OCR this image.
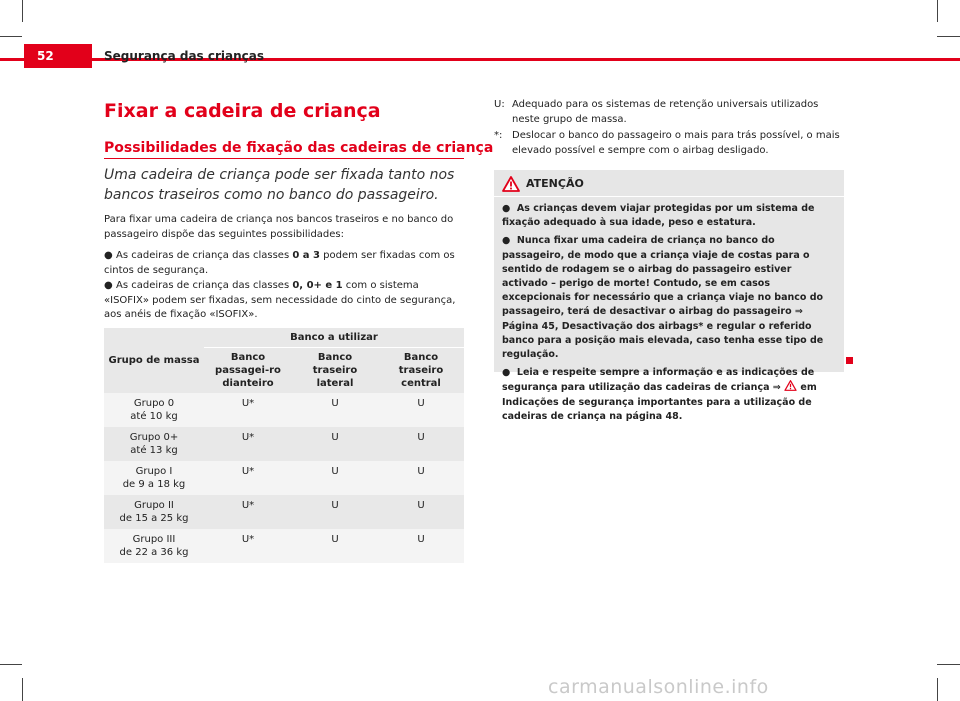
52	Segurança das crianças
Fixar a cadeira de criança
Possibilidades de fixação das cadeiras de criança
Uma cadeira de criança pode ser fixada tanto nos bancos traseiros como no banco do passageiro.
Para fixar uma cadeira de criança nos bancos traseiros e no banco do passageiro dispõe das seguintes possibilidades:
● As cadeiras de criança das classes 0 a 3 podem ser fixadas com os cintos de segurança.
● As cadeiras de criança das classes 0, 0+ e 1 com o sistema «ISOFIX» podem ser fixadas, sem necessidade do cinto de segurança, aos anéis de fixação «ISOFIX».
Grupo de massa	Banco a utilizar		
	Banco passagei-ro dianteiro	Banco traseiro lateral	Banco traseiro central
Grupo 0
até 10 kg	U*	U	U
Grupo 0+
até 13 kg	U*	U	U
Grupo I
de 9 a 18 kg	U*	U	U
Grupo II
de 15 a 25 kg	U*	U	U
Grupo III
de 22 a 36 kg	U*	U	U
U: Adequado para os sistemas de retenção universais utilizados neste grupo de massa.
*: Deslocar o banco do passageiro o mais para trás possível, o mais elevado possível e sempre com o airbag desligado.
ATENÇÃO

●  As crianças devem viajar protegidas por um sistema de fixação adequado à sua idade, peso e estatura.

●  Nunca fixar uma cadeira de criança no banco do passageiro, de modo que a criança viaje de costas para o sentido de rodagem se o airbag do passageiro estiver activado – perigo de morte! Contudo, se em casos excepcionais for necessário que a criança viaje no banco do passageiro, terá de desactivar o airbag do passageiro ⇒ Página 45, Desactivação dos airbags* e regular o referido banco para a posição mais elevada, caso tenha esse tipo de regulação.

●  Leia e respeite sempre a informação e as indicações de segurança para utilização das cadeiras de criança ⇒ em Indicações de segurança importantes para a utilização de cadeiras de criança na página 48.

carmanualsonline.info
